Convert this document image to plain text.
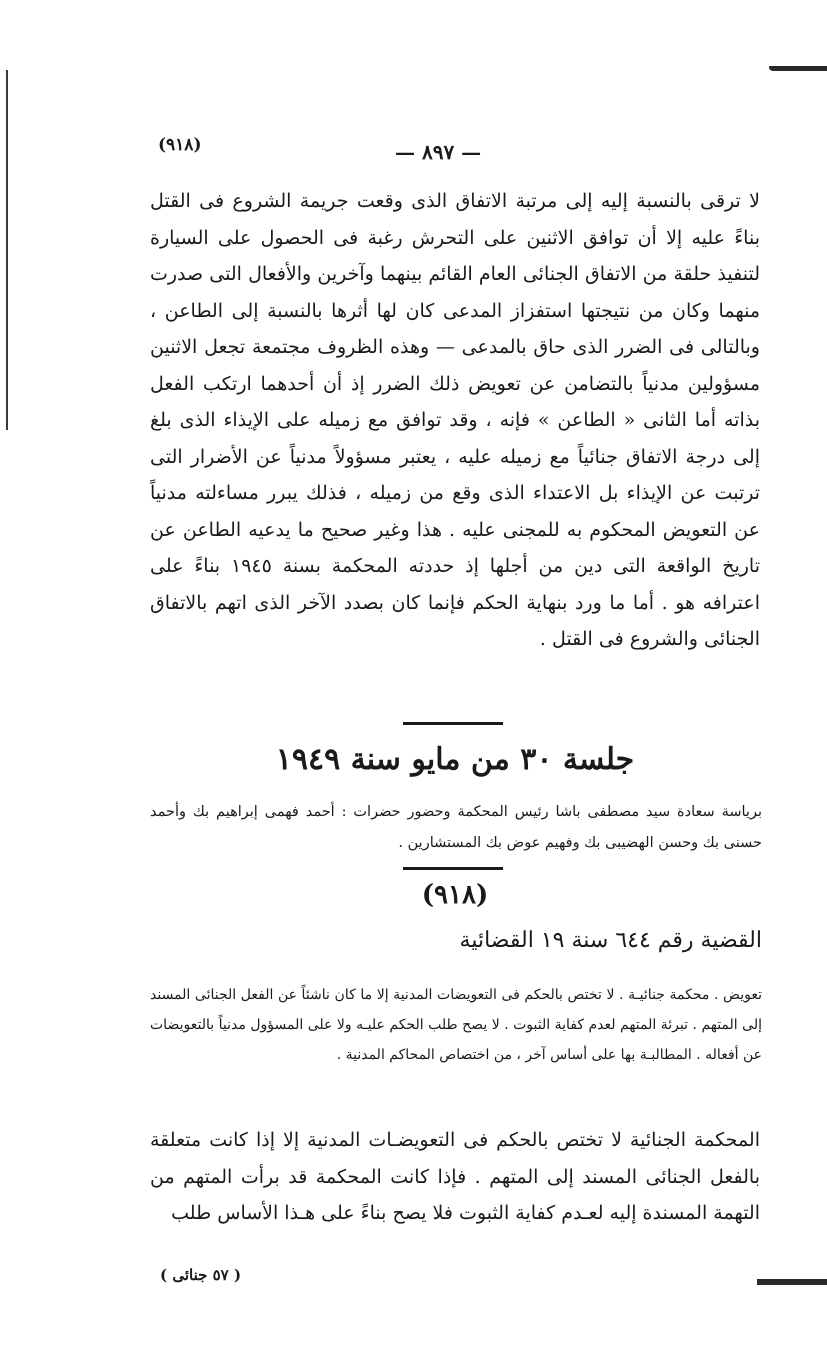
(٩١٨)	— ٨٩٧ —

لا ترقى بالنسبة إليه إلى مرتبة الاتفاق الذى وقعت جريمة الشروع فى القتل بناءً عليه إلا أن توافق الاثنين على التحرش رغبة فى الحصول على السيارة لتنفيذ حلقة من الاتفاق الجنائى العام القائم بينهما وآخرين والأفعال التى صدرت منهما وكان من نتيجتها استفزاز المدعى كان لها أثرها بالنسبة إلى الطاعن ، وبالتالى فى الضرر الذى حاق بالمدعى — وهذه الظروف مجتمعة تجعل الاثنين مسؤولين مدنياً بالتضامن عن تعويض ذلك الضرر إذ أن أحدهما ارتكب الفعل بذاته أما الثانى « الطاعن » فإنه ، وقد توافق مع زميله على الإيذاء الذى بلغ إلى درجة الاتفاق جنائياً مع زميله عليه ، يعتبر مسؤولاً مدنياً عن الأضرار التى ترتبت عن الإيذاء بل الاعتداء الذى وقع من زميله ، فذلك يبرر مساءلته مدنياً عن التعويض المحكوم به للمجنى عليه . هذا وغير صحيح ما يدعيه الطاعن عن تاريخ الواقعة التى دين من أجلها إذ حددته المحكمة بسنة ١٩٤٥ بناءً على اعترافه هو . أما ما ورد بنهاية الحكم فإنما كان بصدد الآخر الذى اتهم بالاتفاق الجنائى والشروع فى القتل .

جلسة ٣٠ من مايو سنة ١٩٤٩
برياسة سعادة سيد مصطفى باشا رئيس المحكمة وحضور حضرات : أحمد فهمى إبراهيم بك وأحمد حسنى بك وحسن الهضيبى بك وفهيم عوض بك المستشارين .
(٩١٨)
القضية رقم ٦٤٤ سنة ١٩ القضائية
تعويض . محكمة جنائيـة . لا تختص بالحكم فى التعويضات المدنية إلا ما كان ناشئاً عن الفعل الجنائى المسند إلى المتهم . تبرئة المتهم لعدم كفاية الثبوت . لا يصح طلب الحكم عليـه ولا على المسؤول مدنياً بالتعويضات عن أفعاله . المطالبـة بها على أساس آخر ، من اختصاص المحاكم المدنية .

المحكمة الجنائية لا تختص بالحكم فى التعويضـات المدنية إلا إذا كانت متعلقة بالفعل الجنائى المسند إلى المتهم . فإذا كانت المحكمة قد برأت المتهم من التهمة المسندة إليه لعـدم كفاية الثبوت فلا يصح بناءً على هـذا الأساس طلب

( ٥٧ جنائى )
